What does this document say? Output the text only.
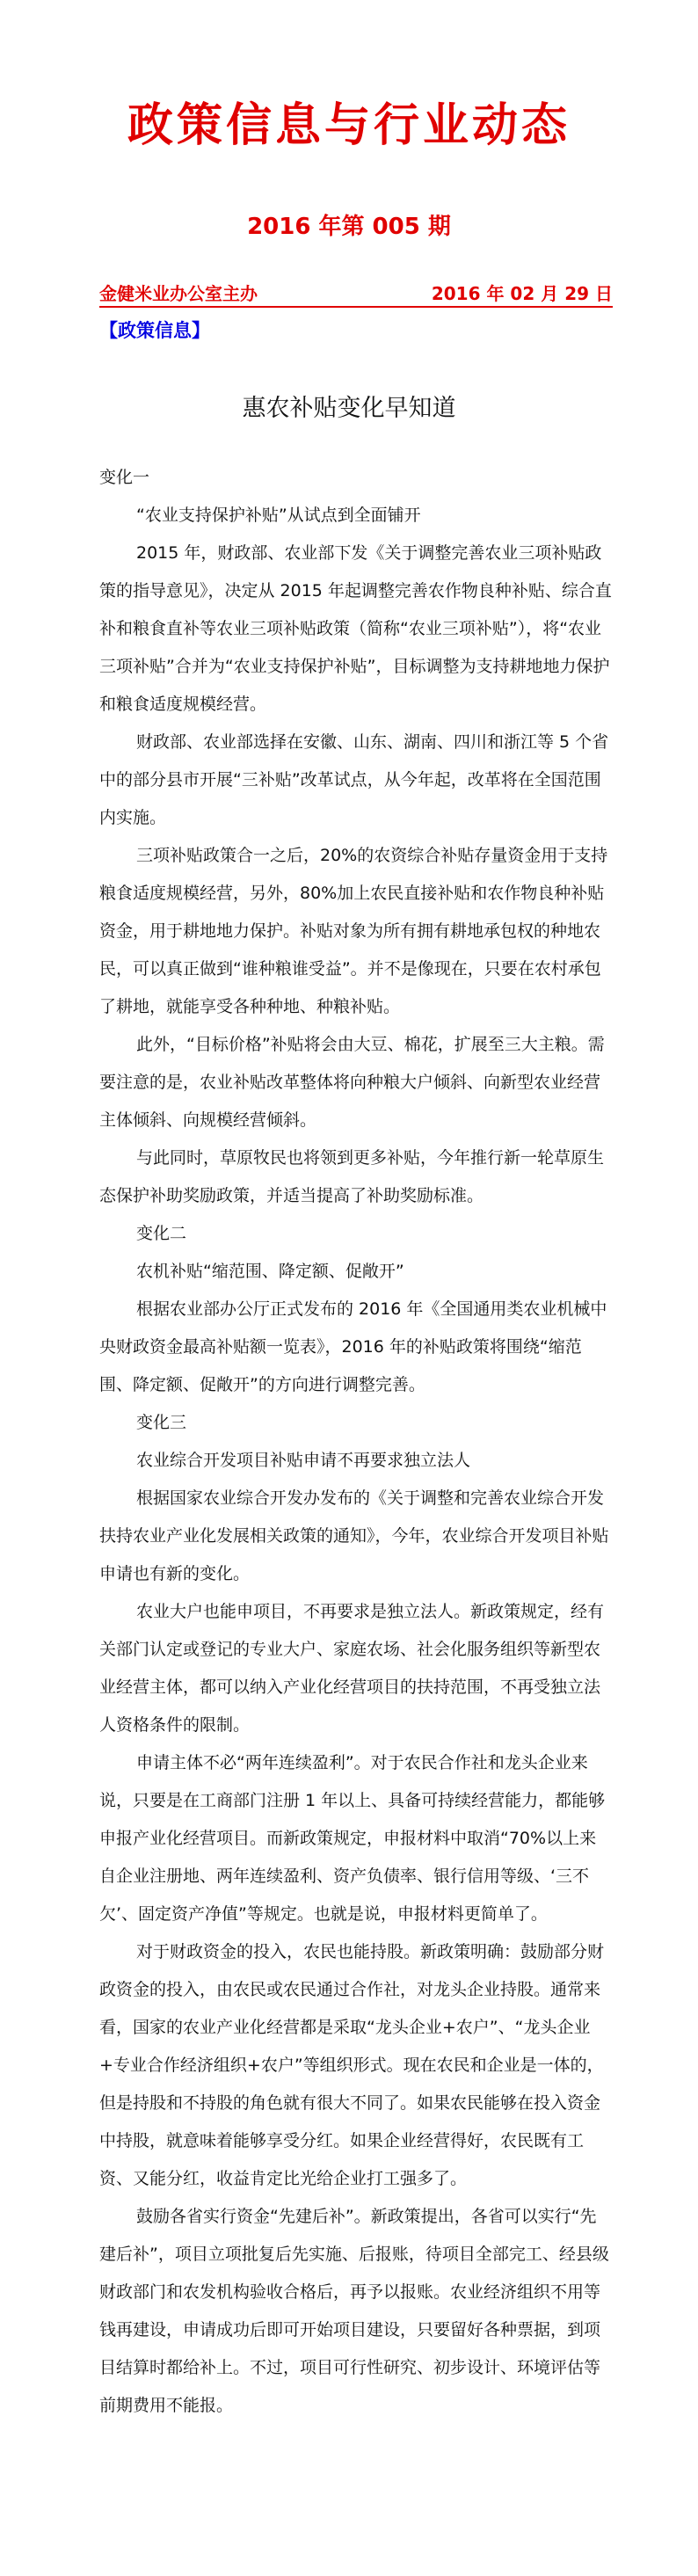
政策信息与行业动态
2016 年第 005 期
金健米业办公室主办	2016 年 02 月 29 日
【政策信息】
惠农补贴变化早知道

变化一

“农业支持保护补贴”从试点到全面铺开

2015 年，财政部、农业部下发《关于调整完善农业三项补贴政策的指导意见》，决定从 2015 年起调整完善农作物良种补贴、综合直补和粮食直补等农业三项补贴政策（简称“农业三项补贴”），将“农业三项补贴”合并为“农业支持保护补贴”，目标调整为支持耕地地力保护和粮食适度规模经营。

财政部、农业部选择在安徽、山东、湖南、四川和浙江等 5 个省中的部分县市开展“三补贴”改革试点，从今年起，改革将在全国范围内实施。

三项补贴政策合一之后，20%的农资综合补贴存量资金用于支持粮食适度规模经营，另外，80%加上农民直接补贴和农作物良种补贴资金，用于耕地地力保护。补贴对象为所有拥有耕地承包权的种地农民，可以真正做到“谁种粮谁受益”。并不是像现在，只要在农村承包了耕地，就能享受各种种地、种粮补贴。

此外，“目标价格”补贴将会由大豆、棉花，扩展至三大主粮。需要注意的是，农业补贴改革整体将向种粮大户倾斜、向新型农业经营主体倾斜、向规模经营倾斜。

与此同时，草原牧民也将领到更多补贴，今年推行新一轮草原生态保护补助奖励政策，并适当提高了补助奖励标准。

变化二

农机补贴“缩范围、降定额、促敞开”

根据农业部办公厅正式发布的 2016 年《全国通用类农业机械中央财政资金最高补贴额一览表》，2016 年的补贴政策将围绕“缩范围、降定额、促敞开”的方向进行调整完善。

变化三

农业综合开发项目补贴申请不再要求独立法人

根据国家农业综合开发办发布的《关于调整和完善农业综合开发扶持农业产业化发展相关政策的通知》，今年，农业综合开发项目补贴申请也有新的变化。

农业大户也能申项目，不再要求是独立法人。新政策规定，经有关部门认定或登记的专业大户、家庭农场、社会化服务组织等新型农业经营主体，都可以纳入产业化经营项目的扶持范围，不再受独立法人资格条件的限制。

申请主体不必“两年连续盈利”。对于农民合作社和龙头企业来说，只要是在工商部门注册 1 年以上、具备可持续经营能力，都能够申报产业化经营项目。而新政策规定，申报材料中取消“70%以上来自企业注册地、两年连续盈利、资产负债率、银行信用等级、‘三不欠’、固定资产净值”等规定。也就是说，申报材料更简单了。

对于财政资金的投入，农民也能持股。新政策明确：鼓励部分财政资金的投入，由农民或农民通过合作社，对龙头企业持股。通常来看，国家的农业产业化经营都是采取“龙头企业+农户”、“龙头企业+专业合作经济组织+农户”等组织形式。现在农民和企业是一体的，但是持股和不持股的角色就有很大不同了。如果农民能够在投入资金中持股，就意味着能够享受分红。如果企业经营得好，农民既有工资、又能分红，收益肯定比光给企业打工强多了。

鼓励各省实行资金“先建后补”。新政策提出，各省可以实行“先建后补”，项目立项批复后先实施、后报账，待项目全部完工、经县级财政部门和农发机构验收合格后，再予以报账。农业经济组织不用等钱再建设，申请成功后即可开始项目建设，只要留好各种票据，到项目结算时都给补上。不过，项目可行性研究、初步设计、环境评估等前期费用不能报。
